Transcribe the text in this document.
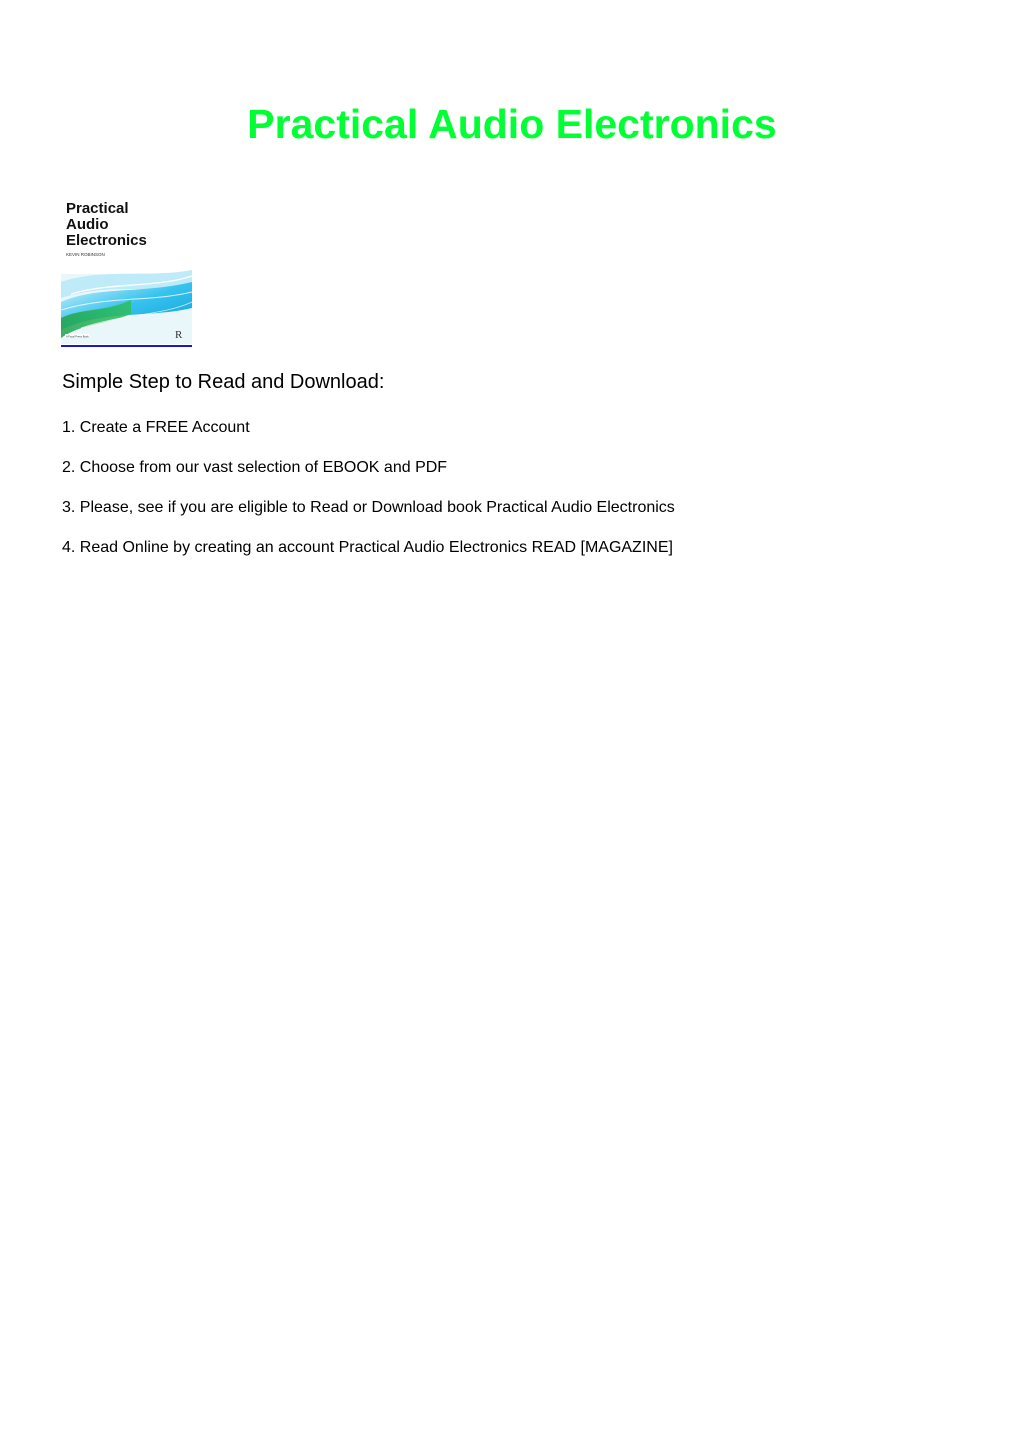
Practical Audio Electronics
Practical
Audio
Electronics
KEVIN ROBINSON
A Focal Press Book	R
Simple Step to Read and Download:

1. Create a FREE Account

2. Choose from our vast selection of EBOOK and PDF

3. Please, see if you are eligible to Read or Download book Practical Audio Electronics

4. Read Online by creating an account Practical Audio Electronics READ [MAGAZINE]
